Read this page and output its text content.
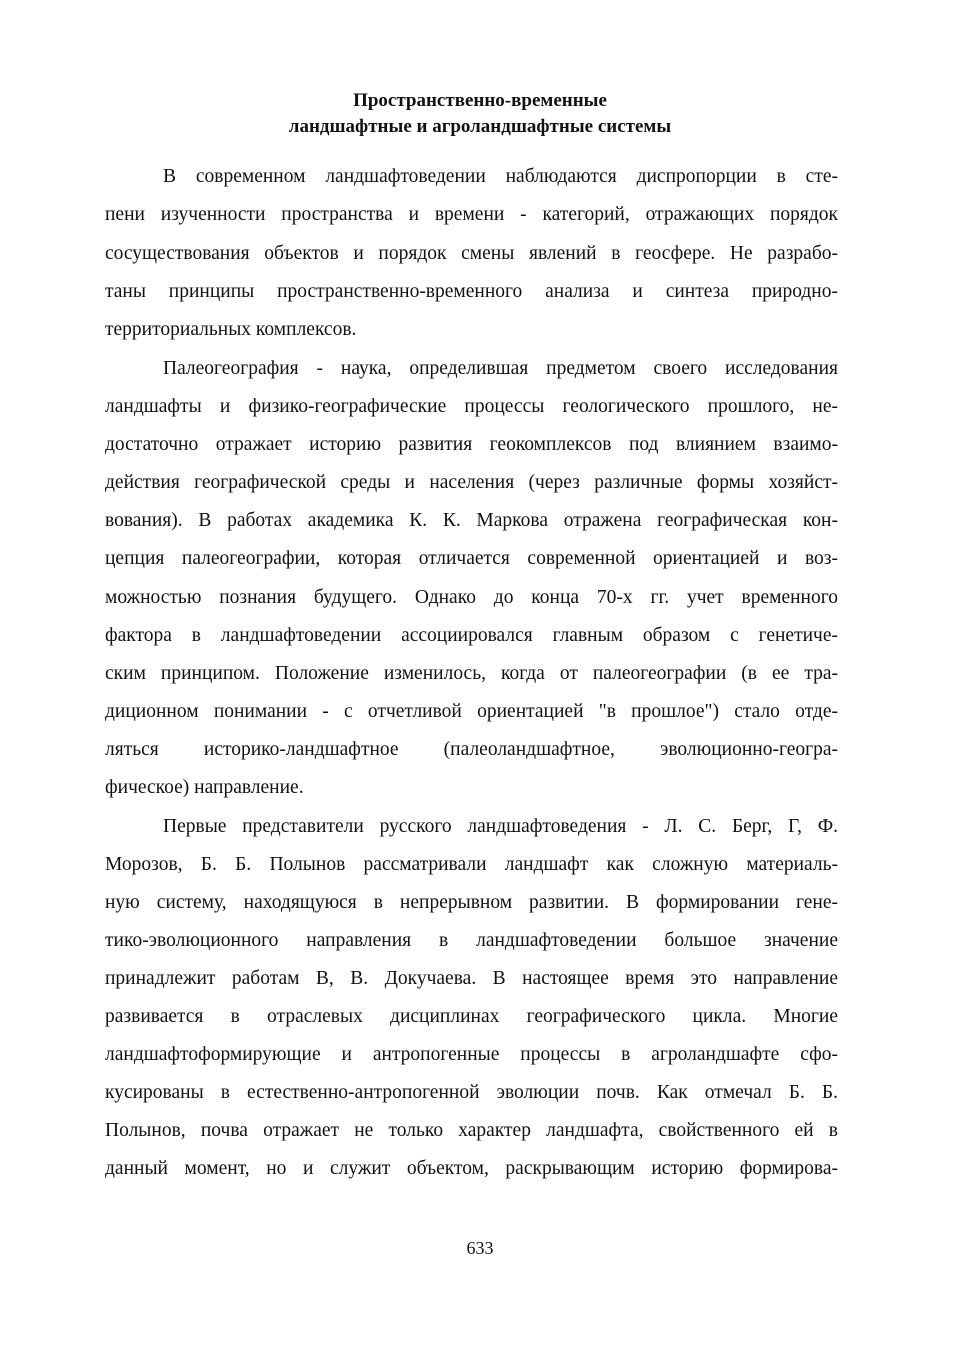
Пространственно-временные
ландшафтные и агроландшафтные системы
В современном ландшафтоведении наблюдаются диспропорции в сте-
пени изученности пространства и времени - категорий, отражающих порядок
сосуществования объектов и порядок смены явлений в геосфере. Не разрабо-
таны принципы пространственно-временного анализа и синтеза природно-
территориальных комплексов.
Палеогеография - наука, определившая предметом своего исследования
ландшафты и физико-географические процессы геологического прошлого, не-
достаточно отражает историю развития геокомплексов под влиянием взаимо-
действия географической среды и населения (через различные формы хозяйст-
вования). В работах академика К. К. Маркова отражена географическая кон-
цепция палеогеографии, которая отличается современной ориентацией и воз-
можностью познания будущего. Однако до конца 70-х гг. учет временного
фактора в ландшафтоведении ассоциировался главным образом с генетиче-
ским принципом. Положение изменилось, когда от палеогеографии (в ее тра-
диционном понимании - с отчетливой ориентацией "в прошлое") стало отде-
ляться историко-ландшафтное (палеоландшафтное, эволюционно-геогра-
фическое) направление.
Первые представители русского ландшафтоведения - Л. С. Берг, Г, Ф.
Морозов, Б. Б. Полынов рассматривали ландшафт как сложную материаль-
ную систему, находящуюся в непрерывном развитии. В формировании гене-
тико-эволюционного направления в ландшафтоведении большое значение
принадлежит работам В, В. Докучаева. В настоящее время это направление
развивается в отраслевых дисциплинах географического цикла. Многие
ландшафтоформирующие и антропогенные процессы в агроландшафте сфо-
кусированы в естественно-антропогенной эволюции почв. Как отмечал Б. Б.
Полынов, почва отражает не только характер ландшафта, свойственного ей в
данный момент, но и служит объектом, раскрывающим историю формирова-
633
